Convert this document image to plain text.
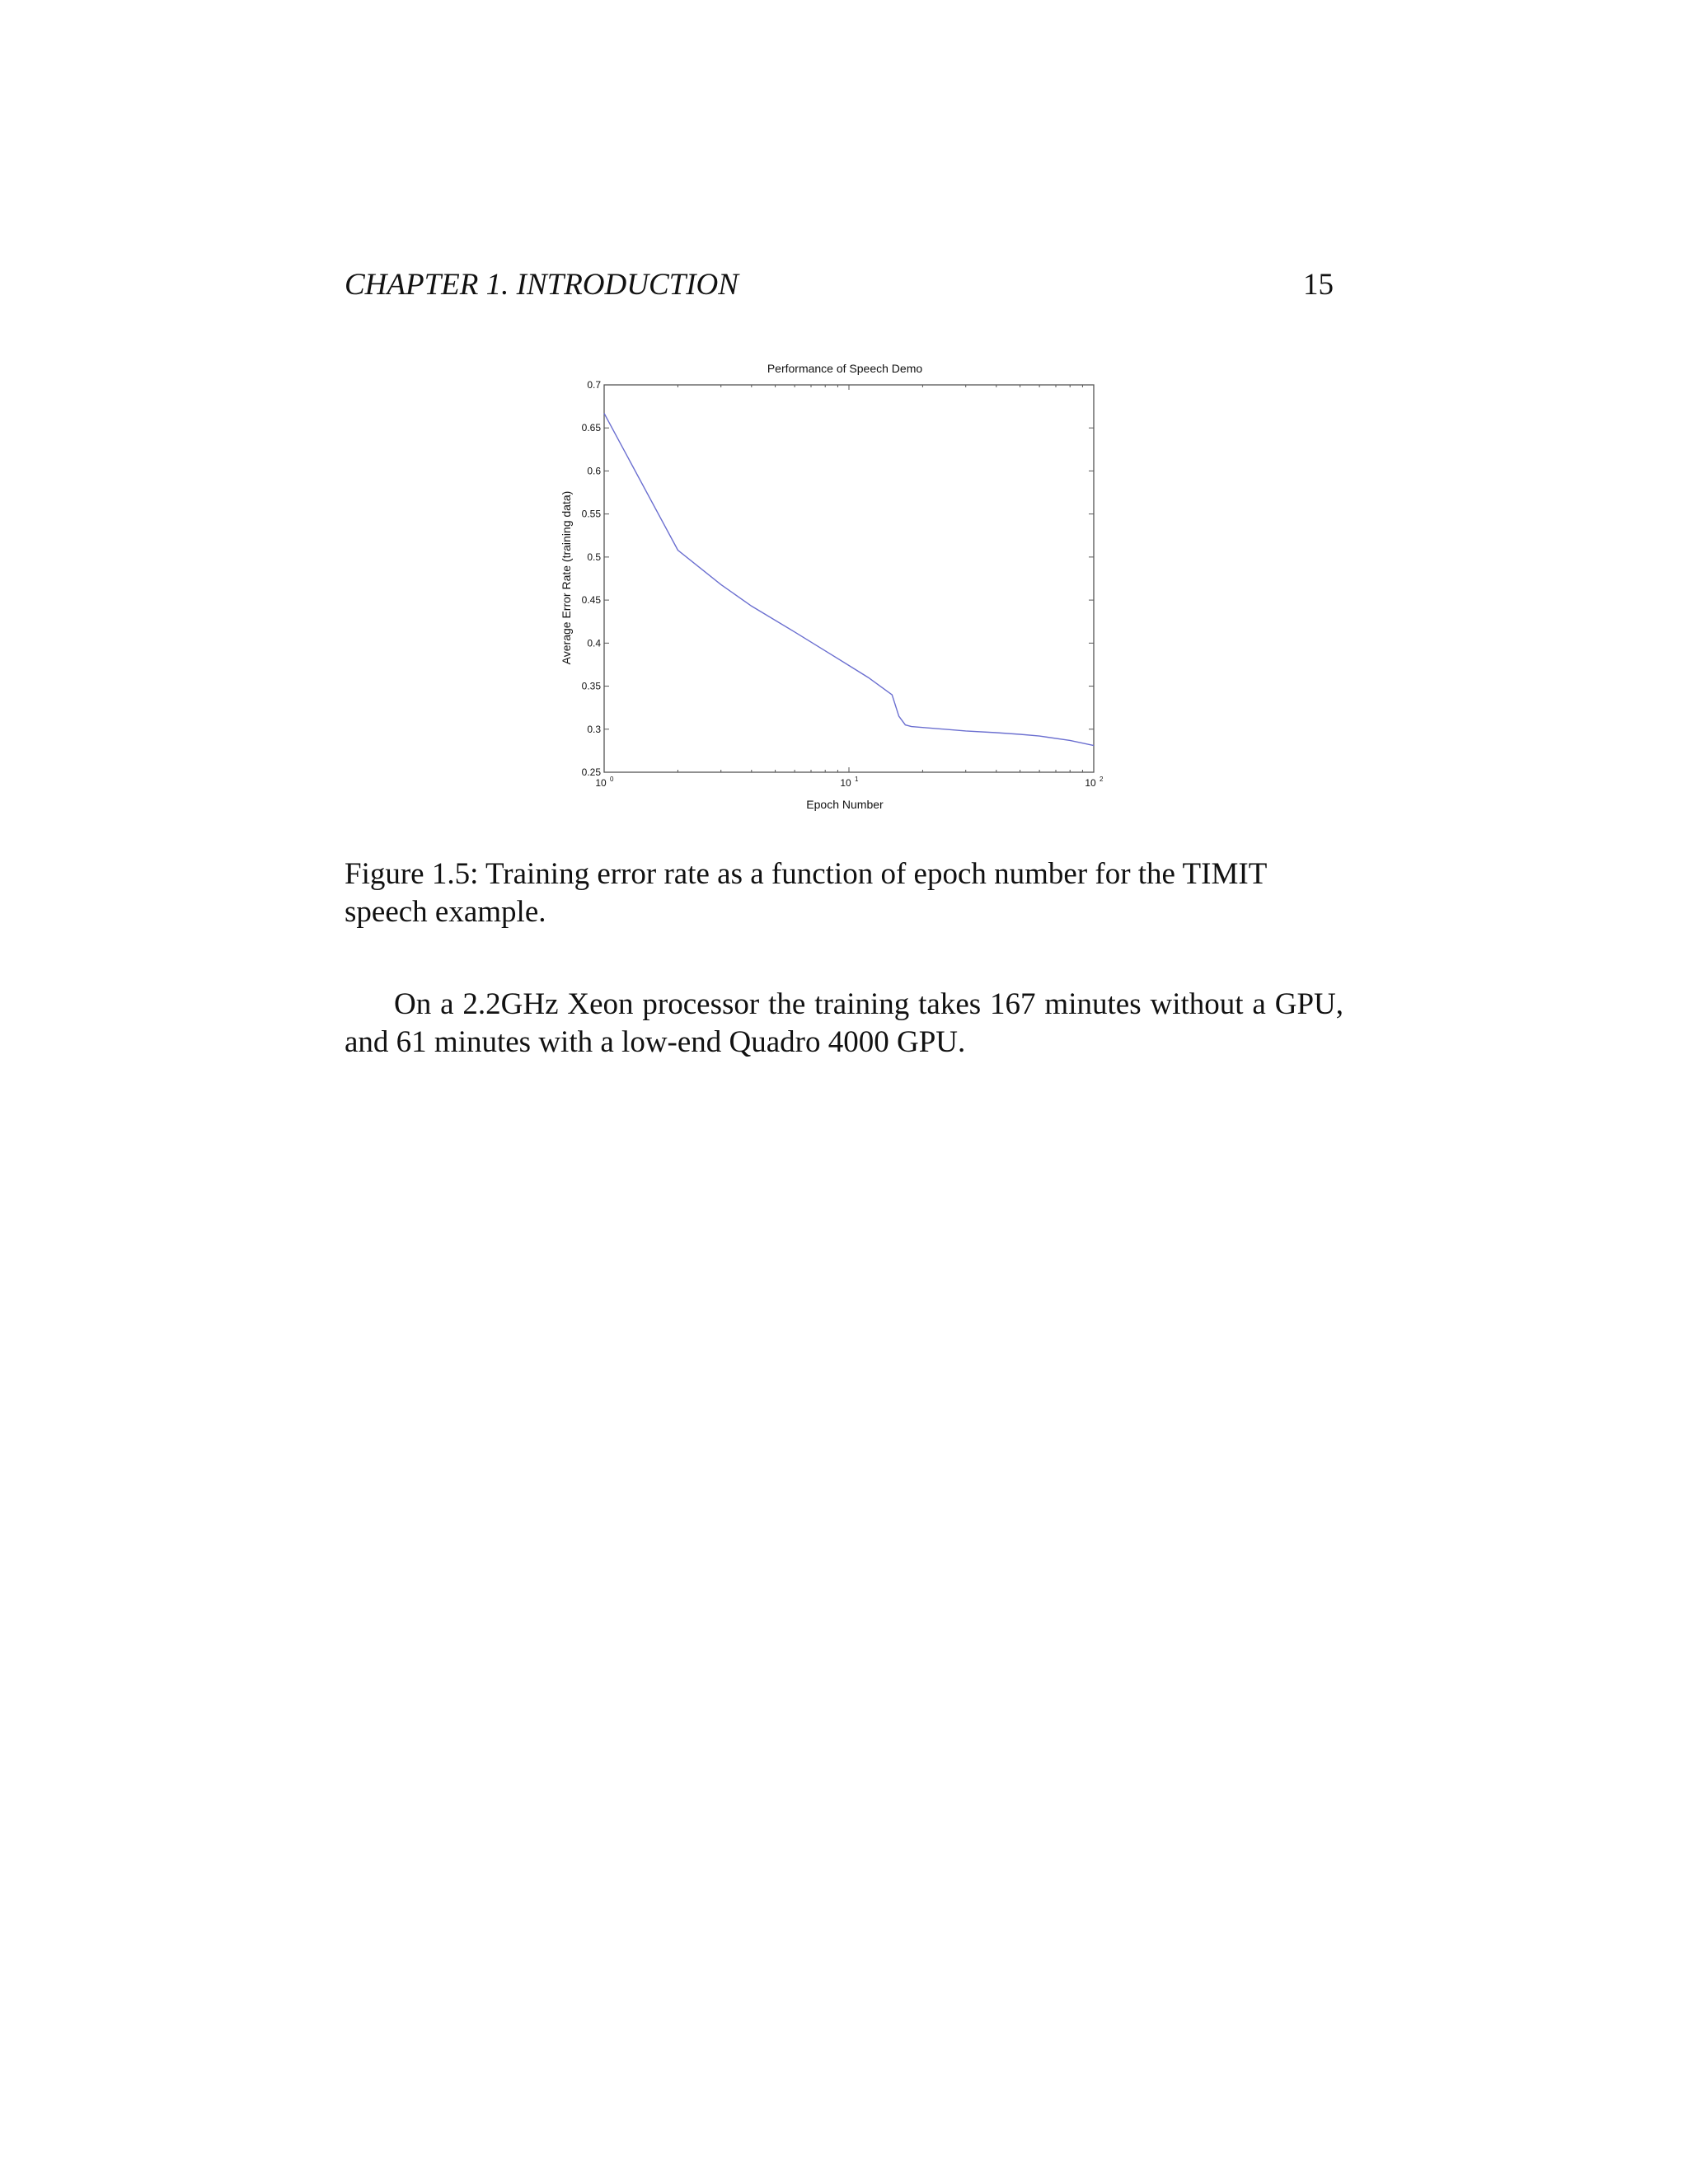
CHAPTER 1. INTRODUCTION	15
Performance of Speech Demo
Epoch Number
Average Error Rate (training data)
0.25
0.3
0.35
0.4
0.45
0.5
0.55
0.6
0.65
0.7
10 0	10 1	10 2
Figure 1.5: Training error rate as a function of epoch number for the TIMIT speech example.
On a 2.2GHz Xeon processor the training takes 167 minutes without a GPU, and 61 minutes with a low-end Quadro 4000 GPU.
